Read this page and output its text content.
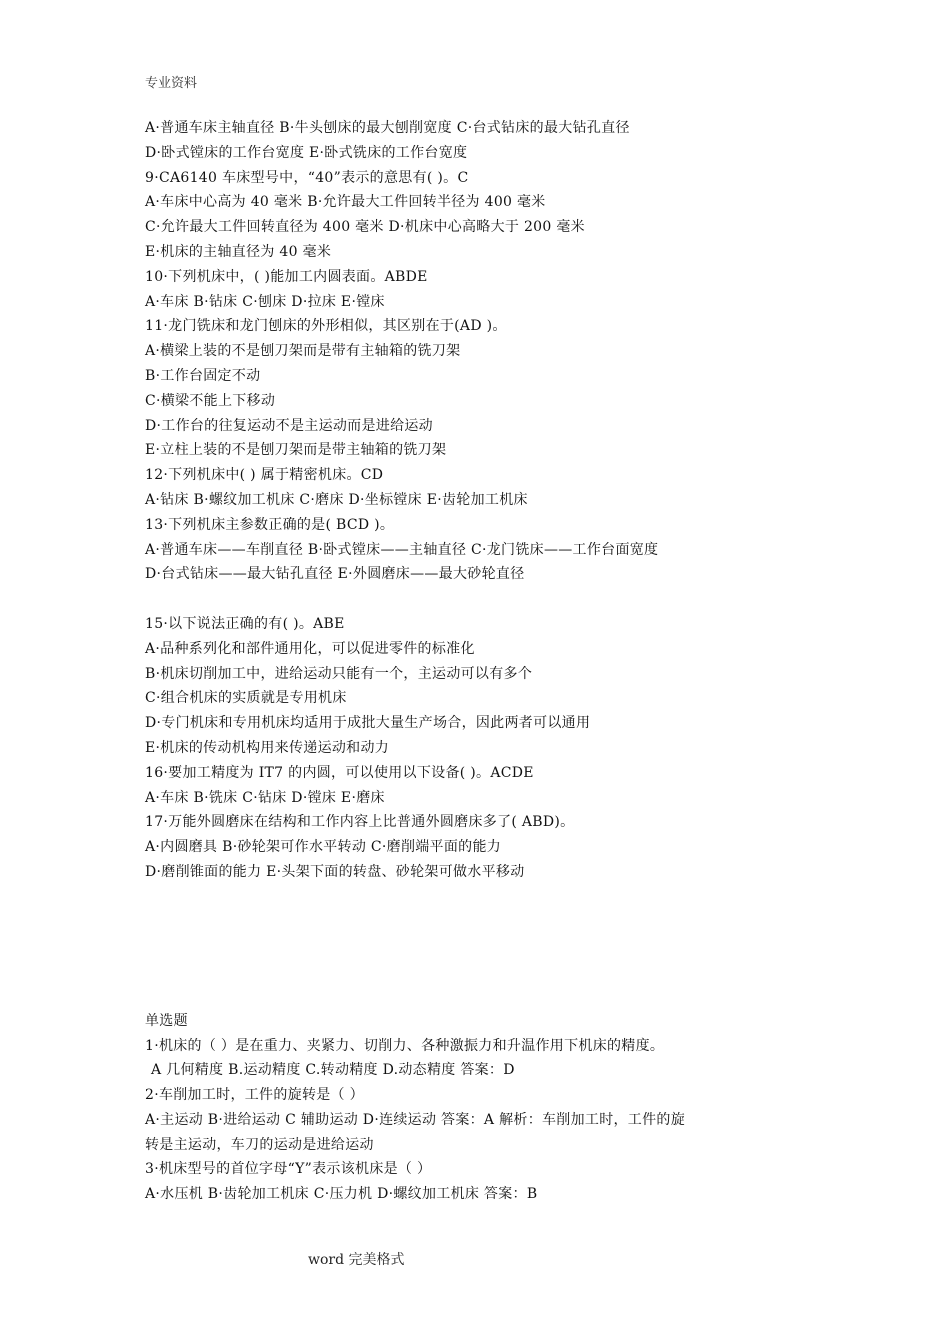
专业资料
A·普通车床主轴直径 B·牛头刨床的最大刨削宽度 C·台式钻床的最大钻孔直径
D·卧式镗床的工作台宽度 E·卧式铣床的工作台宽度
9·CA6140 车床型号中，“40”表示的意思有( )。C
A·车床中心高为 40 毫米 B·允许最大工件回转半径为 400 毫米
C·允许最大工件回转直径为 400 毫米 D·机床中心高略大于 200 毫米
E·机床的主轴直径为 40 毫米
10·下列机床中，( )能加工内圆表面。ABDE
A·车床 B·钻床 C·刨床 D·拉床 E·镗床
11·龙门铣床和龙门刨床的外形相似，其区别在于(AD )。
A·横梁上装的不是刨刀架而是带有主轴箱的铣刀架
B·工作台固定不动
C·横梁不能上下移动
D·工作台的往复运动不是主运动而是进给运动
E·立柱上装的不是刨刀架而是带主轴箱的铣刀架
12·下列机床中( ) 属于精密机床。CD
A·钻床 B·螺纹加工机床 C·磨床 D·坐标镗床 E·齿轮加工机床
13·下列机床主参数正确的是( BCD )。
A·普通车床——车削直径 B·卧式镗床——主轴直径 C·龙门铣床——工作台面宽度
D·台式钻床——最大钻孔直径 E·外圆磨床——最大砂轮直径
15·以下说法正确的有( )。ABE
A·品种系列化和部件通用化，可以促进零件的标准化
B·机床切削加工中，进给运动只能有一个，主运动可以有多个
C·组合机床的实质就是专用机床
D·专门机床和专用机床均适用于成批大量生产场合，因此两者可以通用
E·机床的传动机构用来传递运动和动力
16·要加工精度为 IT7 的内圆，可以使用以下设备( )。ACDE
A·车床 B·铣床 C·钻床 D·镗床 E·磨床
17·万能外圆磨床在结构和工作内容上比普通外圆磨床多了( ABD)。
A·内圆磨具 B·砂轮架可作水平转动 C·磨削端平面的能力
D·磨削锥面的能力 E·头架下面的转盘、砂轮架可做水平移动
单选题
1·机床的（ ）是在重力、夹紧力、切削力、各种激振力和升温作用下机床的精度。
A 几何精度 B.运动精度 C.转动精度 D.动态精度 答案：D
2·车削加工时，工件的旋转是（ ）
A·主运动 B·进给运动 C 辅助运动 D·连续运动 答案：A 解析：车削加工时，工件的旋
转是主运动，车刀的运动是进给运动
3·机床型号的首位字母“Y”表示该机床是（ ）
A·水压机 B·齿轮加工机床 C·压力机 D·螺纹加工机床 答案：B
word 完美格式
